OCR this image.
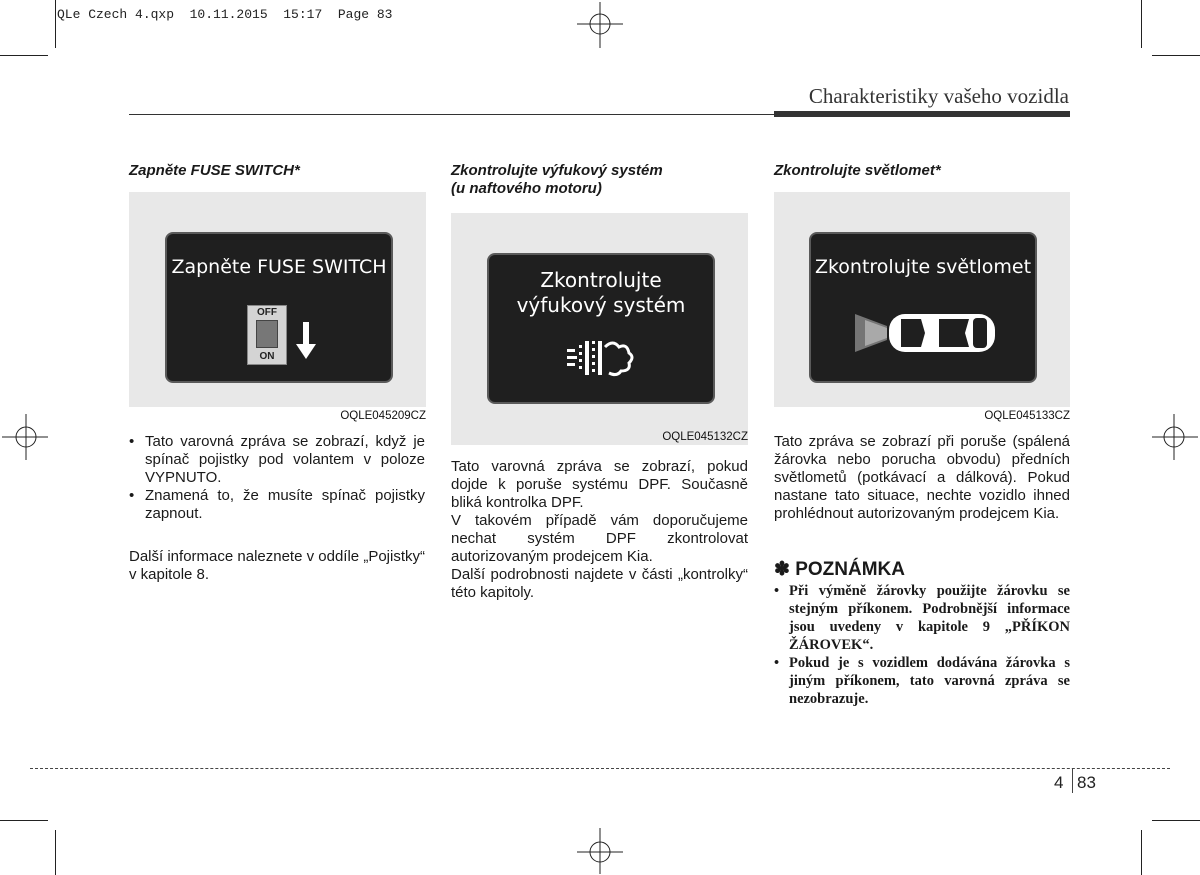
QLe Czech 4.qxp  10.11.2015  15:17  Page 83
Charakteristiky vašeho vozidla
Zapněte FUSE SWITCH*
Zapněte FUSE SWITCH
OFF
ON
OQLE045209CZ
• Tato varovná zpráva se zobrazí, když je spínač pojistky pod volantem v poloze VYPNUTO.
• Znamená to, že musíte spínač pojistky zapnout.
Další informace naleznete v oddíle „Pojistky“ v kapitole 8.
Zkontrolujte výfukový systém
(u naftového motoru)
Zkontrolujte
výfukový systém
OQLE045132CZ

Tato varovná zpráva se zobrazí, pokud dojde k poruše systému DPF. Současně bliká kontrolka DPF.

V takovém případě vám doporučujeme nechat systém DPF zkontrolovat autorizovaným prodejcem Kia.

Další podrobnosti najdete v části „kontrolky“ této kapitoly.

Zkontrolujte světlomet*
Zkontrolujte světlomet
OQLE045133CZ
Tato zpráva se zobrazí při poruše (spálená žárovka nebo porucha obvodu) předních světlometů (potkávací a dálková). Pokud nastane tato situace, nechte vozidlo ihned prohlédnout autorizovaným prodejcem Kia.
✽ POZNÁMKA
• Při výměně žárovky použijte žárovku se stejným příkonem. Podrobnější informace jsou uvedeny v kapitole 9 „PŘÍKON ŽÁROVEK“.
• Pokud je s vozidlem dodávána žárovka s jiným příkonem, tato varovná zpráva se nezobrazuje.
4 83
